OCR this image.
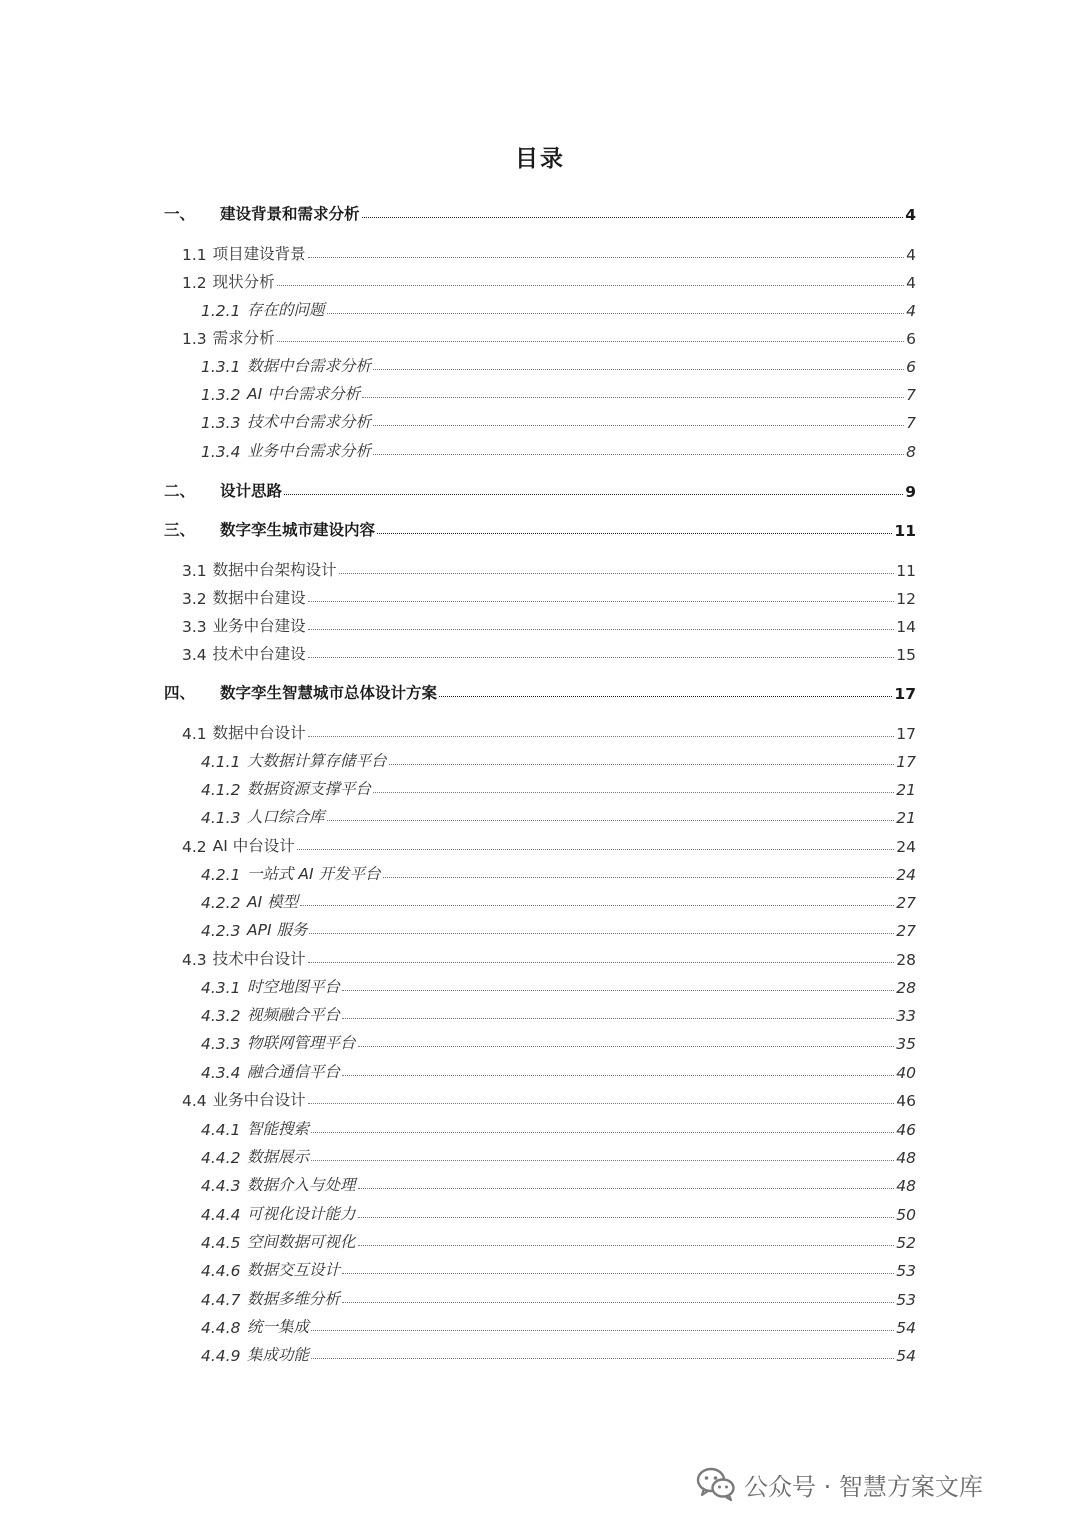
目录
一、	建设背景和需求分析	4
1.1 项目建设背景	4
1.2 现状分析	4
1.2.1 存在的问题	4
1.3 需求分析	6
1.3.1 数据中台需求分析	6
1.3.2 AI 中台需求分析	7
1.3.3 技术中台需求分析	7
1.3.4 业务中台需求分析	8
二、	设计思路	9
三、	数字孪生城市建设内容	11
3.1 数据中台架构设计	11
3.2 数据中台建设	12
3.3 业务中台建设	14
3.4 技术中台建设	15
四、	数字孪生智慧城市总体设计方案	17
4.1 数据中台设计	17
4.1.1 大数据计算存储平台	17
4.1.2 数据资源支撑平台	21
4.1.3 人口综合库	21
4.2 AI 中台设计	24
4.2.1 一站式 AI 开发平台	24
4.2.2 AI 模型	27
4.2.3 API 服务	27
4.3 技术中台设计	28
4.3.1 时空地图平台	28
4.3.2 视频融合平台	33
4.3.3 物联网管理平台	35
4.3.4 融合通信平台	40
4.4 业务中台设计	46
4.4.1 智能搜索	46
4.4.2 数据展示	48
4.4.3 数据介入与处理	48
4.4.4 可视化设计能力	50
4.4.5 空间数据可视化	52
4.4.6 数据交互设计	53
4.4.7 数据多维分析	53
4.4.8 统一集成	54
4.4.9 集成功能	54
公众号 · 智慧方案文库
